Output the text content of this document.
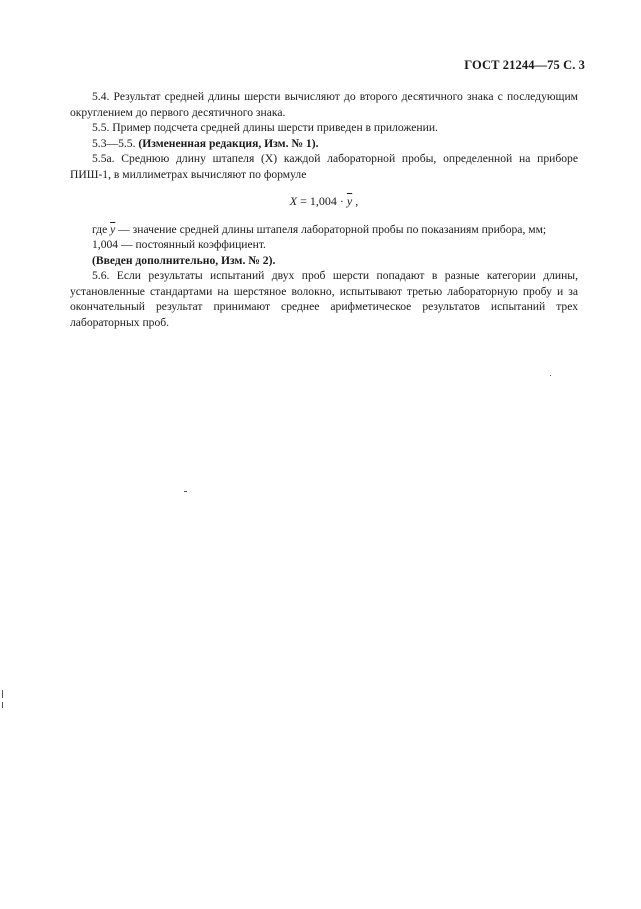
ГОСТ 21244—75 С. 3

5.4. Результат средней длины шерсти вычисляют до второго десятичного знака с последующим округлением до первого десятичного знака.

5.5. Пример подсчета средней длины шерсти приведен в приложении.

5.3—5.5. (Измененная редакция, Изм. № 1).

5.5а. Среднюю длину штапеля (X) каждой лабораторной пробы, определенной на приборе ПИШ-1, в миллиметрах вычисляют по формуле

$X = 1,004 \cdot \overline{y}$ ,

где $\overline{y}$ — значение средней длины штапеля лабораторной пробы по показаниям прибора, мм;

1,004 — постоянный коэффициент.

(Введен дополнительно, Изм. № 2).

5.6. Если результаты испытаний двух проб шерсти попадают в разные категории длины, установленные стандартами на шерстяное волокно, испытывают третью лабораторную пробу и за окончательный результат принимают среднее арифметическое результатов испытаний трех лабораторных проб.
